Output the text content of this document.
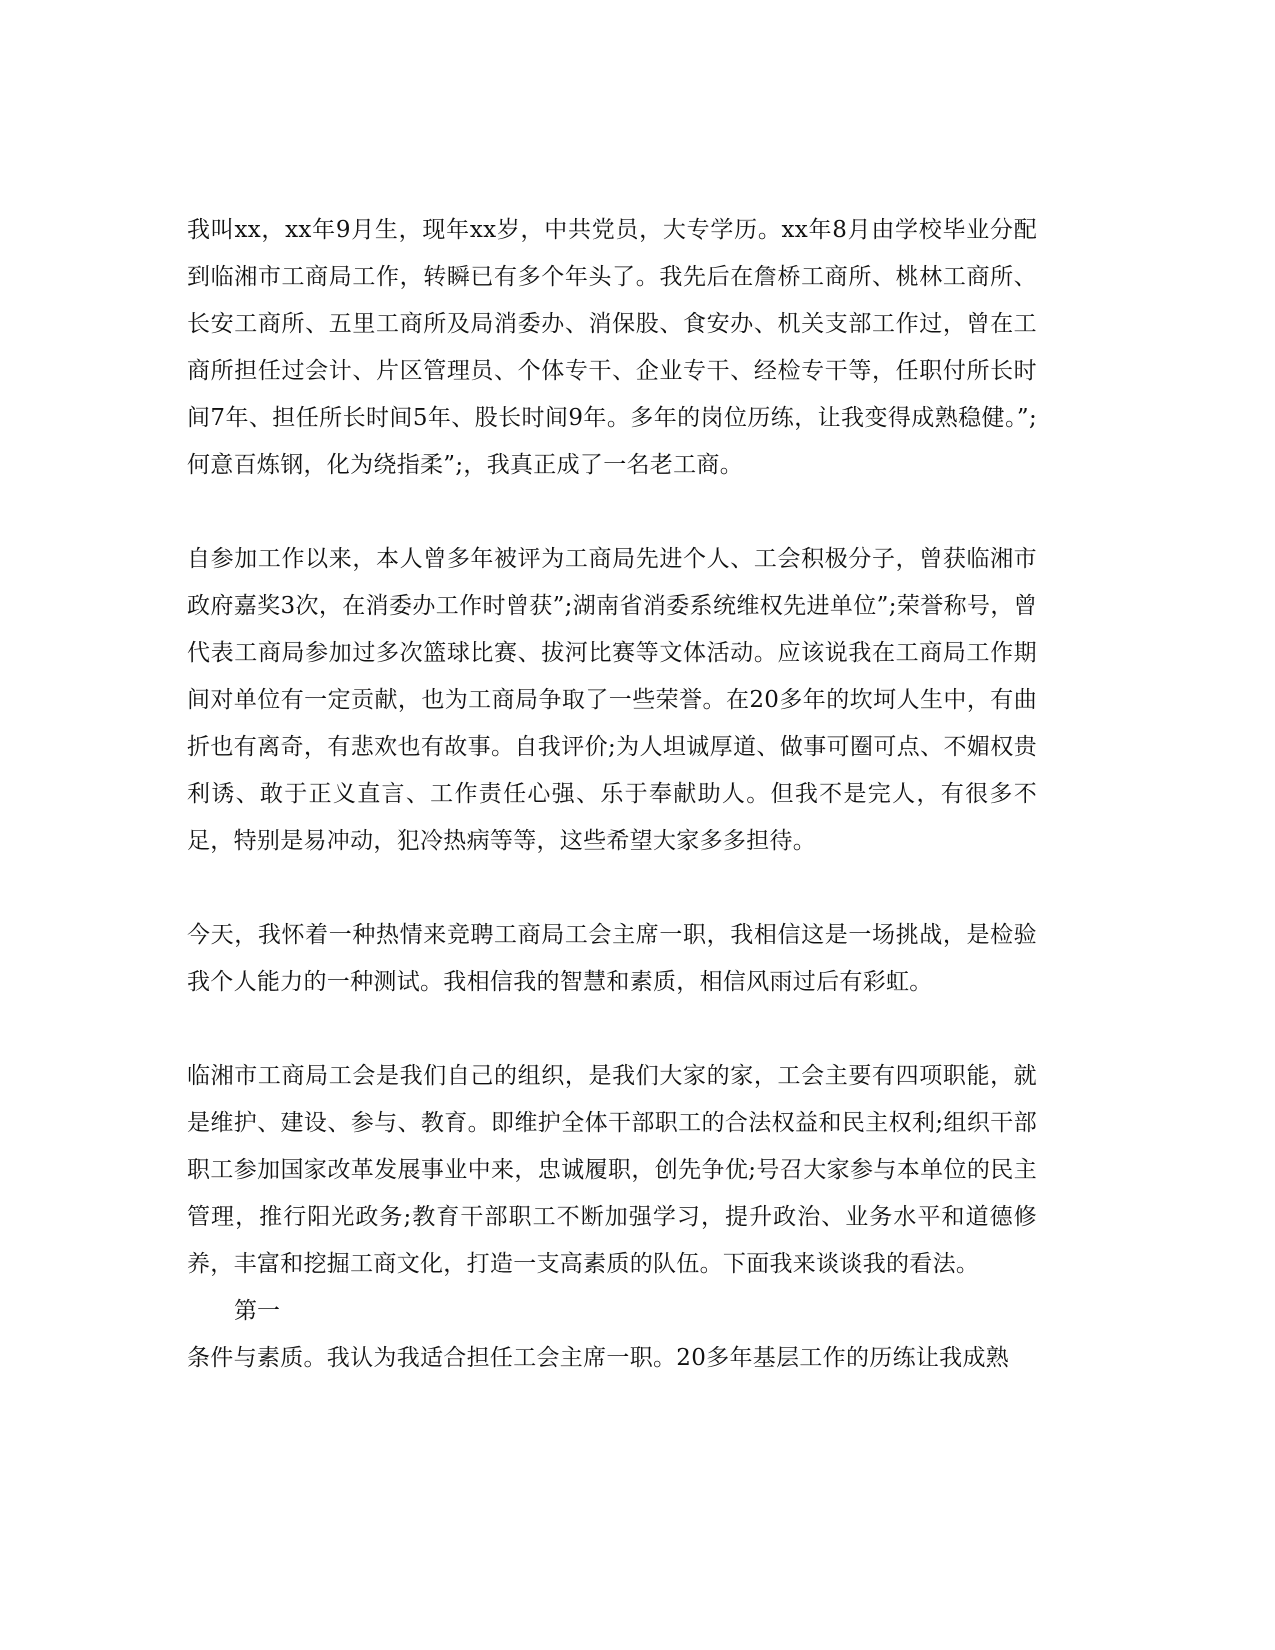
我叫xx，xx年9月生，现年xx岁，中共党员，大专学历。xx年8月由学校毕业分配到临湘市工商局工作，转瞬已有多个年头了。我先后在詹桥工商所、桃林工商所、长安工商所、五里工商所及局消委办、消保股、食安办、机关支部工作过，曾在工商所担任过会计、片区管理员、个体专干、企业专干、经检专干等，任职付所长时间7年、担任所长时间5年、股长时间9年。多年的岗位历练，让我变得成熟稳健。”;何意百炼钢，化为绕指柔”;，我真正成了一名老工商。

自参加工作以来，本人曾多年被评为工商局先进个人、工会积极分子，曾获临湘市政府嘉奖3次，在消委办工作时曾获”;湖南省消委系统维权先进单位”;荣誉称号，曾代表工商局参加过多次篮球比赛、拔河比赛等文体活动。应该说我在工商局工作期间对单位有一定贡献，也为工商局争取了一些荣誉。在20多年的坎坷人生中，有曲折也有离奇，有悲欢也有故事。自我评价;为人坦诚厚道、做事可圈可点、不媚权贵利诱、敢于正义直言、工作责任心强、乐于奉献助人。但我不是完人，有很多不足，特别是易冲动，犯冷热病等等，这些希望大家多多担待。

今天，我怀着一种热情来竞聘工商局工会主席一职，我相信这是一场挑战，是检验我个人能力的一种测试。我相信我的智慧和素质，相信风雨过后有彩虹。

临湘市工商局工会是我们自己的组织，是我们大家的家，工会主要有四项职能，就是维护、建设、参与、教育。即维护全体干部职工的合法权益和民主权利;组织干部职工参加国家改革发展事业中来，忠诚履职，创先争优;号召大家参与本单位的民主管理，推行阳光政务;教育干部职工不断加强学习，提升政治、业务水平和道德修养，丰富和挖掘工商文化，打造一支高素质的队伍。下面我来谈谈我的看法。

第一

条件与素质。我认为我适合担任工会主席一职。20多年基层工作的历练让我成熟
